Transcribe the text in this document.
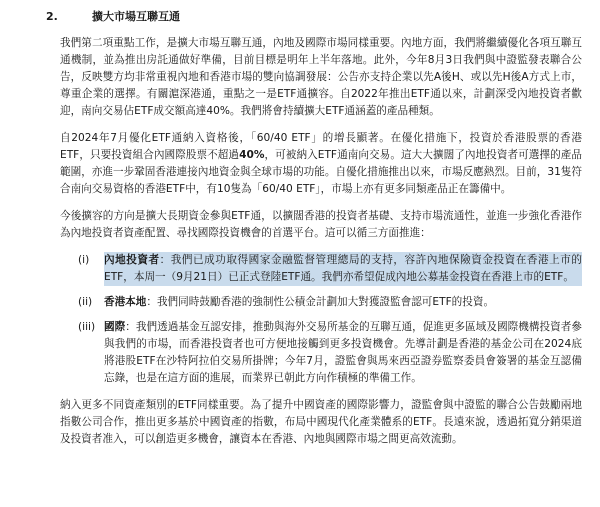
2.	擴大市場互聯互通

我們第二項重點工作，是擴大市場互聯互通，內地及國際市場同樣重要。內地方面，我們將繼續優化各項互聯互通機制，並為推出房託通做好準備，目前目標是明年上半年落地。此外，今年8月3日我們與中證監發表聯合公告，反映雙方均非常重視內地和香港市場的雙向協調發展：公告亦支持企業以先A後H、或以先H後A方式上市，尊重企業的選擇。有關滬深港通，重點之一是ETF通擴容。自2022年推出ETF通以來，計劃深受內地投資者歡迎，南向交易佔ETF成交額高達40%。我們將會持續擴大ETF通涵蓋的產品種類。

自2024年7月優化ETF通納入資格後，「60/40 ETF」的增長顯著。在優化措施下，投資於香港股票的香港ETF，只要投資組合內國際股票不超過40%，可被納入ETF通南向交易。這大大擴闊了內地投資者可選擇的產品範圍，亦進一步鞏固香港連接內地資金與全球市場的功能。自優化措施推出以來，市場反應熱烈。目前，31隻符合南向交易資格的香港ETF中，有10隻為「60/40 ETF」，市場上亦有更多同類產品正在籌備中。

今後擴容的方向是擴大長期資金參與ETF通，以擴闊香港的投資者基礎、支持市場流通性，並進一步強化香港作為內地投資者資產配置、尋找國際投資機會的首選平台。這可以循三方面推進：

(i)	內地投資者：我們已成功取得國家金融監督管理總局的支持，容許內地保險資金投資在香港上市的ETF，本周一（9月21日）已正式登陸ETF通。我們亦希望促成內地公募基金投資在香港上市的ETF。
(ii)	香港本地：我們同時鼓勵香港的強制性公積金計劃加大對獲證監會認可ETF的投資。
(iii) 國際：我們透過基金互認安排，推動與海外交易所基金的互聯互通，促進更多區域及國際機構投資者參與我們的市場，而香港投資者也可方便地接觸到更多投資機會。先導計劃是香港的基金公司在2024底將港股ETF在沙特阿拉伯交易所掛牌；今年7月，證監會與馬來西亞證券監察委員會簽署的基金互認備忘錄，也是在這方面的進展，而業界已朝此方向作積極的準備工作。

納入更多不同資產類別的ETF同樣重要。為了提升中國資產的國際影響力，證監會與中證監的聯合公告鼓勵兩地指數公司合作，推出更多基於中國資產的指數，布局中國現代化產業體系的ETF。長遠來說，透過拓寬分銷渠道及投資者准入，可以創造更多機會，讓資本在香港、內地與國際市場之間更高效流動。
